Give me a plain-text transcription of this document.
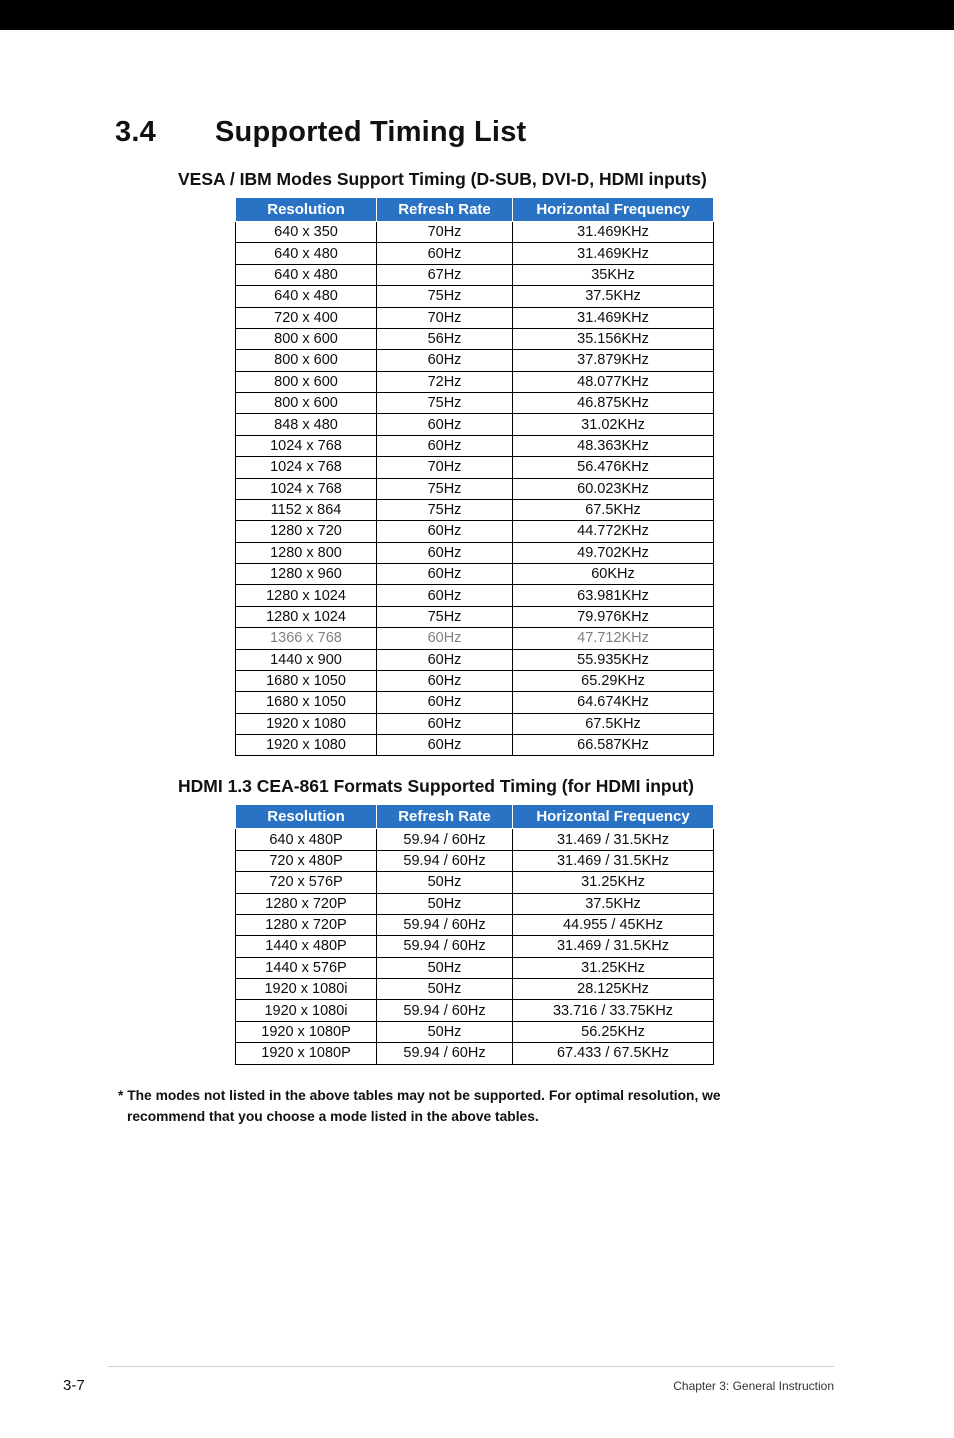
3.4 Supported Timing List
VESA / IBM Modes Support Timing (D-SUB, DVI-D, HDMI inputs)
Resolution	Refresh Rate	Horizontal Frequency
640 x 350	70Hz	31.469KHz
640 x 480	60Hz	31.469KHz
640 x 480	67Hz	35KHz
640 x 480	75Hz	37.5KHz
720 x 400	70Hz	31.469KHz
800 x 600	56Hz	35.156KHz
800 x 600	60Hz	37.879KHz
800 x 600	72Hz	48.077KHz
800 x 600	75Hz	46.875KHz
848 x 480	60Hz	31.02KHz
1024 x 768	60Hz	48.363KHz
1024 x 768	70Hz	56.476KHz
1024 x 768	75Hz	60.023KHz
1152 x 864	75Hz	67.5KHz
1280 x 720	60Hz	44.772KHz
1280 x 800	60Hz	49.702KHz
1280 x 960	60Hz	60KHz
1280 x 1024	60Hz	63.981KHz
1280 x 1024	75Hz	79.976KHz
1366 x 768	60Hz	47.712KHz
1440 x 900	60Hz	55.935KHz
1680 x 1050	60Hz	65.29KHz
1680 x 1050	60Hz	64.674KHz
1920 x 1080	60Hz	67.5KHz
1920 x 1080	60Hz	66.587KHz
HDMI 1.3 CEA-861 Formats Supported Timing (for HDMI input)
Resolution	Refresh Rate	Horizontal Frequency
640 x 480P	59.94 / 60Hz	31.469 / 31.5KHz
720 x 480P	59.94 / 60Hz	31.469 / 31.5KHz
720 x 576P	50Hz	31.25KHz
1280 x 720P	50Hz	37.5KHz
1280 x 720P	59.94 / 60Hz	44.955 / 45KHz
1440 x 480P	59.94 / 60Hz	31.469 / 31.5KHz
1440 x 576P	50Hz	31.25KHz
1920 x 1080i	50Hz	28.125KHz
1920 x 1080i	59.94 / 60Hz	33.716 / 33.75KHz
1920 x 1080P	50Hz	56.25KHz
1920 x 1080P	59.94 / 60Hz	67.433 / 67.5KHz
* The modes not listed in the above tables may not be supported. For optimal resolution, we
recommend that you choose a mode listed in the above tables.
3-7	Chapter 3: General Instruction
